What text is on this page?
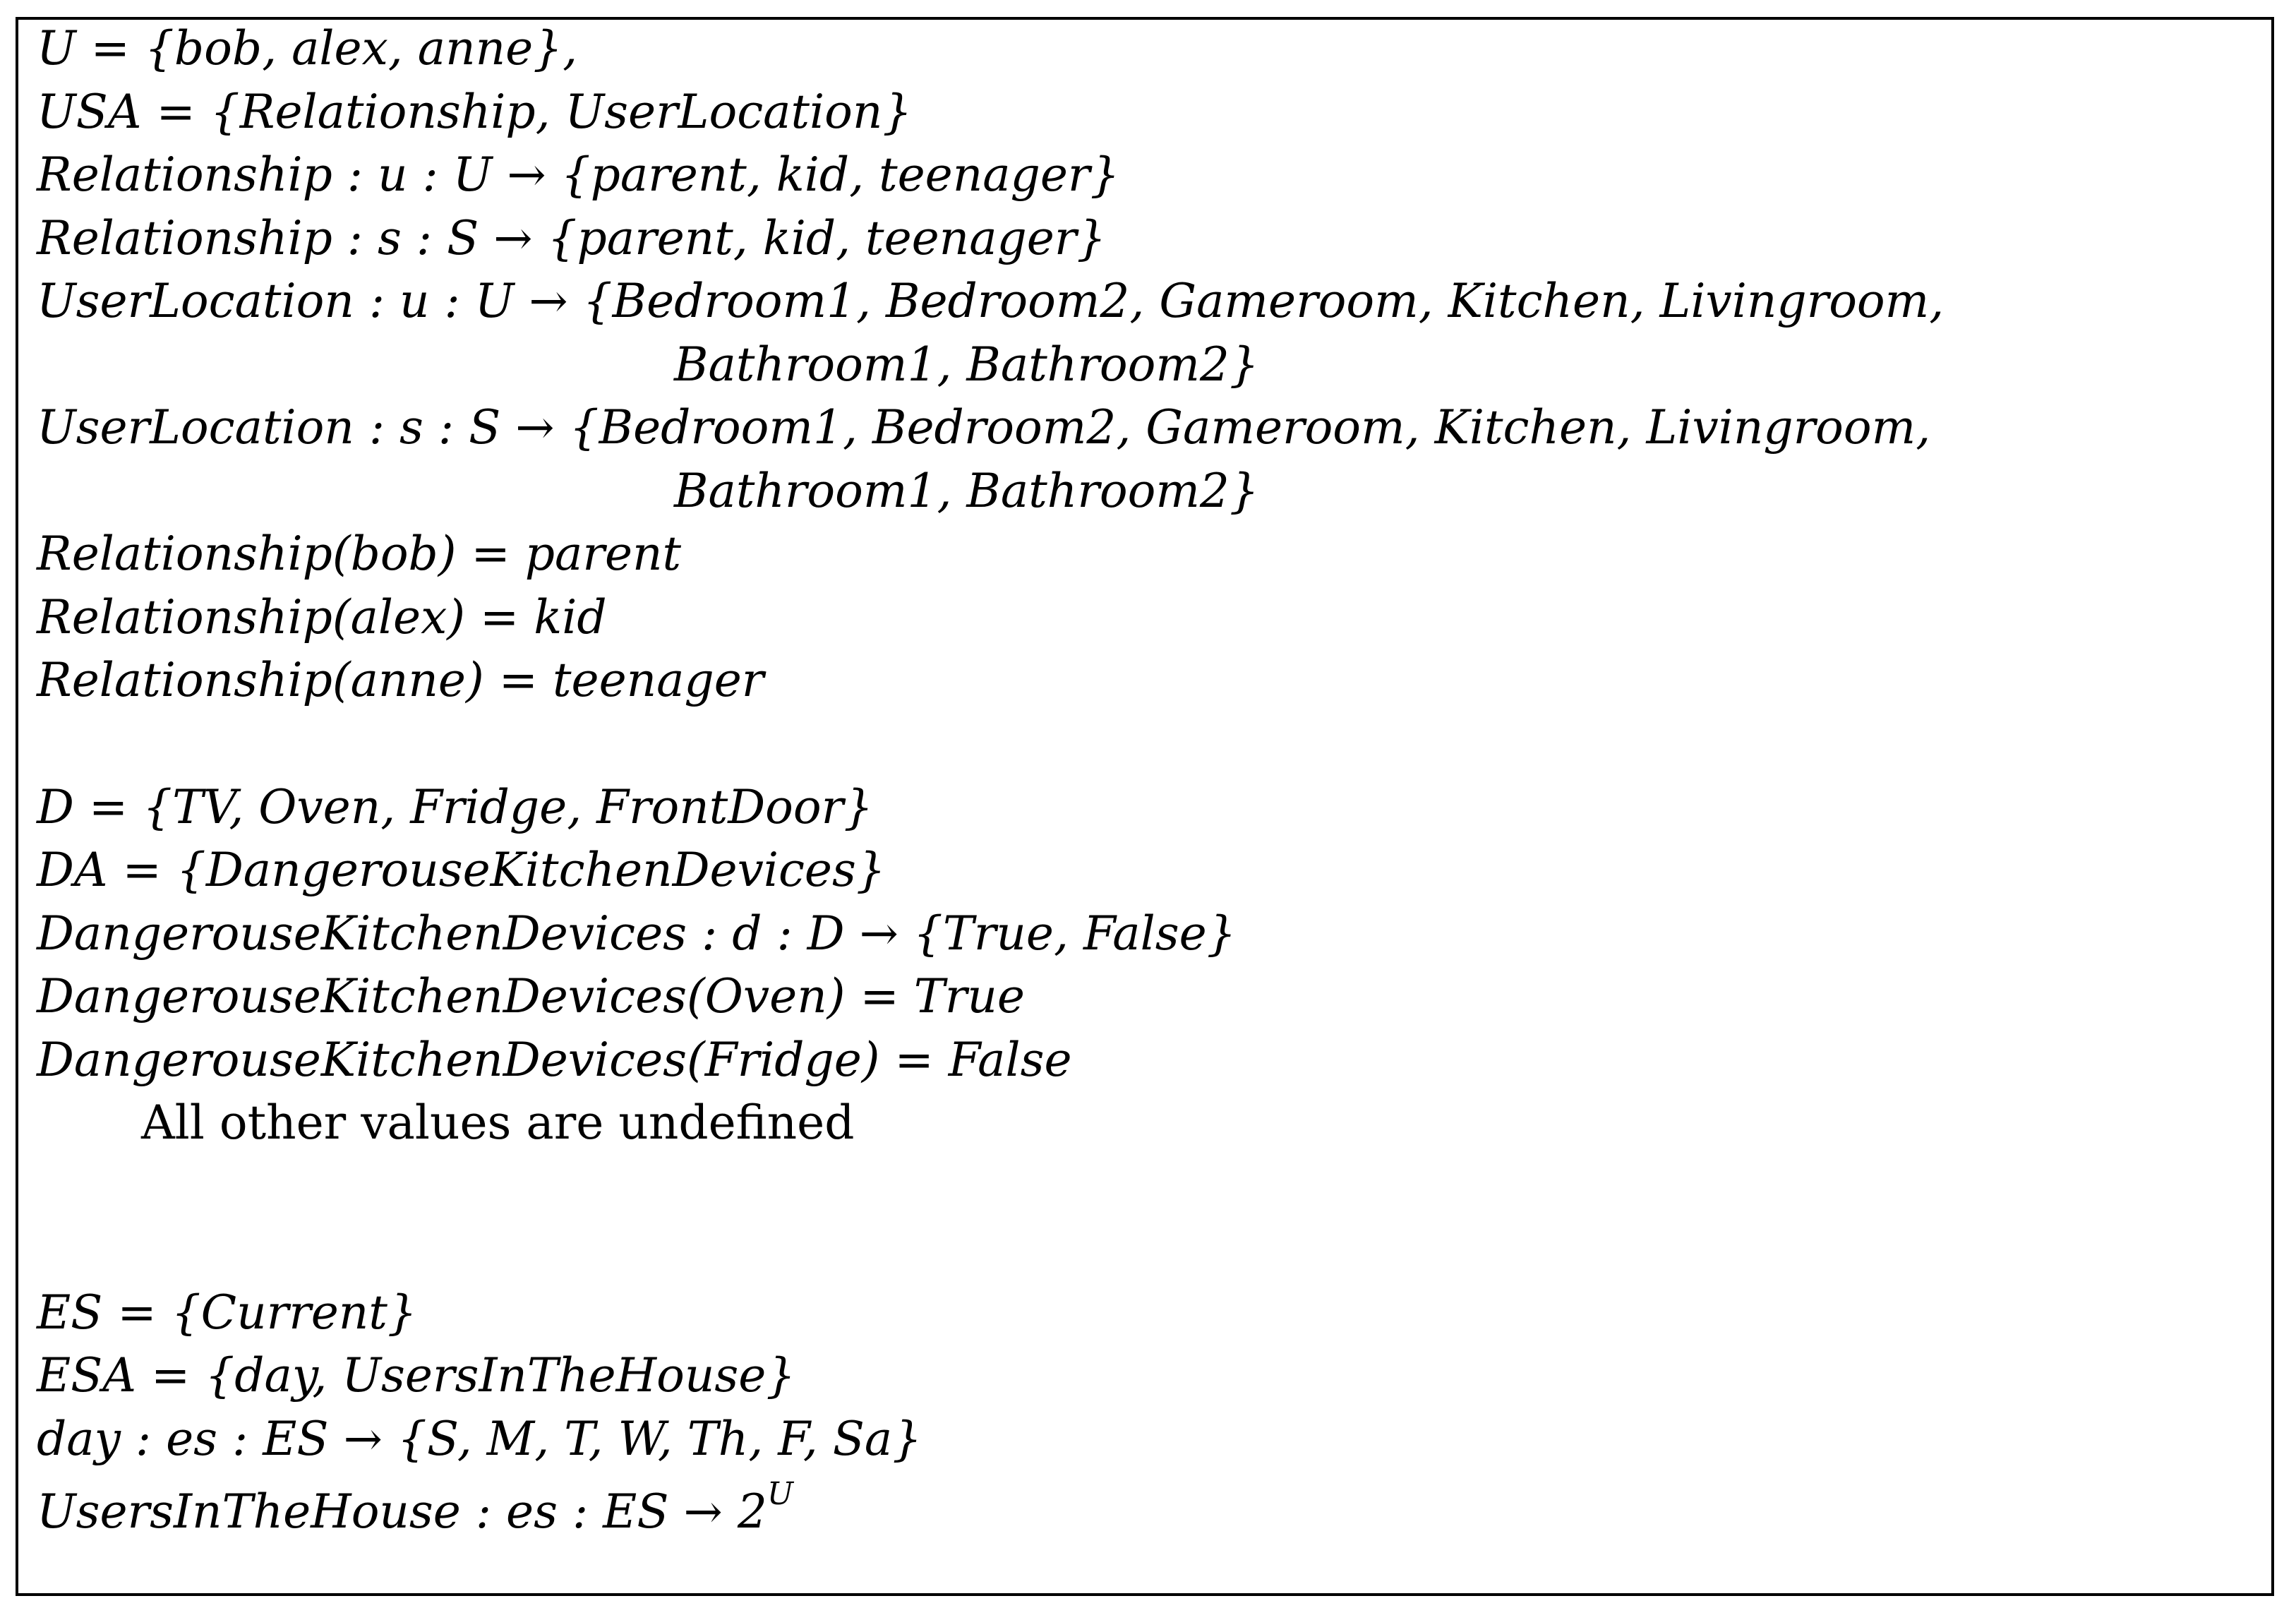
U = {bob, alex, anne},
USA = {Relationship, UserLocation}
Relationship : u : U → {parent, kid, teenager}
Relationship : s : S → {parent, kid, teenager}
UserLocation : u : U → {Bedroom1, Bedroom2, Gameroom, Kitchen, Livingroom,
Bathroom1, Bathroom2}
UserLocation : s : S → {Bedroom1, Bedroom2, Gameroom, Kitchen, Livingroom,
Bathroom1, Bathroom2}
Relationship(bob) = parent
Relationship(alex) = kid
Relationship(anne) = teenager
D = {TV, Oven, Fridge, FrontDoor}
DA = {DangerouseKitchenDevices}
DangerouseKitchenDevices : d : D → {True, False}
DangerouseKitchenDevices(Oven) = True
DangerouseKitchenDevices(Fridge) = False
All other values are undefined
ES = {Current}
ESA = {day, UsersInTheHouse}
day : es : ES → {S, M, T, W, Th, F, Sa}
UsersInTheHouse : es : ES → $2^U$
